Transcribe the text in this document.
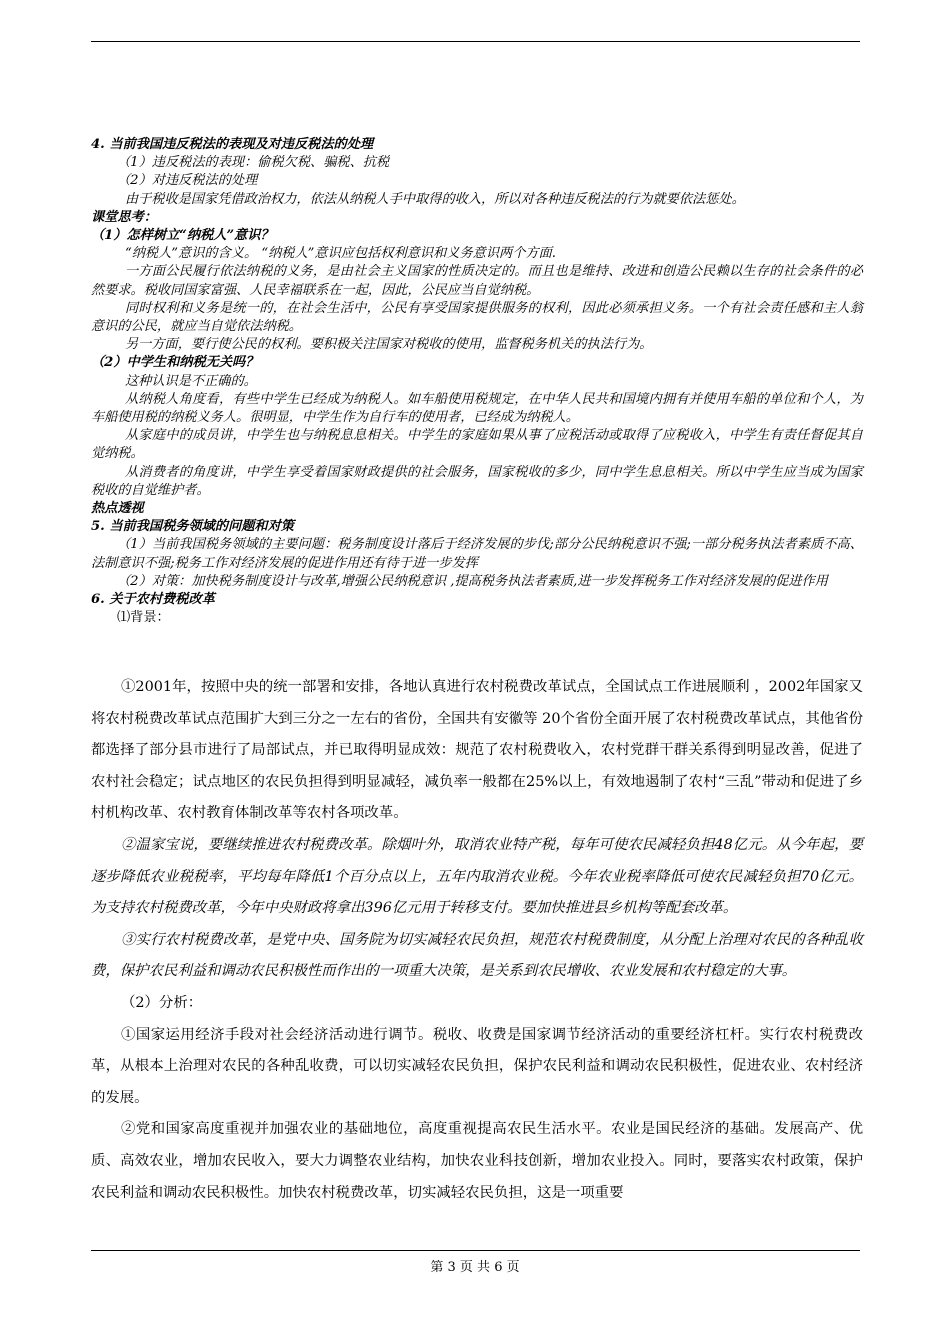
4. 当前我国违反税法的表现及对违反税法的处理

（1）违反税法的表现：偷税欠税、骗税、抗税

（2）对违反税法的处理

由于税收是国家凭借政治权力，依法从纳税人手中取得的收入，所以对各种违反税法的行为就要依法惩处。

课堂思考：

（1）怎样树立“纳税人”意识？

“纳税人”意识的含义。 “纳税人”意识应包括权利意识和义务意识两个方面.

一方面公民履行依法纳税的义务，是由社会主义国家的性质决定的。而且也是维持、改进和创造公民赖以生存的社会条件的必然要求。税收同国家富强、人民幸福联系在一起，因此，公民应当自觉纳税。

同时权利和义务是统一的，在社会生活中，公民有享受国家提供服务的权利，因此必须承担义务。一个有社会责任感和主人翁意识的公民，就应当自觉依法纳税。

另一方面，要行使公民的权利。要积极关注国家对税收的使用，监督税务机关的执法行为。

（2）中学生和纳税无关吗？

这种认识是不正确的。

从纳税人角度看，有些中学生已经成为纳税人。如车船使用税规定，在中华人民共和国境内拥有并使用车船的单位和个人，为车船使用税的纳税义务人。很明显，中学生作为自行车的使用者，已经成为纳税人。

从家庭中的成员讲，中学生也与纳税息息相关。中学生的家庭如果从事了应税活动或取得了应税收入，中学生有责任督促其自觉纳税。

从消费者的角度讲，中学生享受着国家财政提供的社会服务，国家税收的多少，同中学生息息相关。所以中学生应当成为国家税收的自觉维护者。

热点透视

5. 当前我国税务领域的问题和对策

（1）当前我国税务领域的主要问题：税务制度设计落后于经济发展的步伐;部分公民纳税意识不强;一部分税务执法者素质不高、法制意识不强;税务工作对经济发展的促进作用还有待于进一步发挥

（2）对策：加快税务制度设计与改革,增强公民纳税意识 ,提高税务执法者素质,进一步发挥税务工作对经济发展的促进作用

6. 关于农村费税改革

⑴背景：

①2001年，按照中央的统一部署和安排，各地认真进行农村税费改革试点，全国试点工作进展顺利 ，2002年国家又将农村税费改革试点范围扩大到三分之一左右的省份，全国共有安徽等 20个省份全面开展了农村税费改革试点，其他省份都选择了部分县市进行了局部试点，并已取得明显成效：规范了农村税费收入，农村党群干群关系得到明显改善，促进了农村社会稳定；试点地区的农民负担得到明显减轻，减负率一般都在25%以上，有效地遏制了农村“三乱”带动和促进了乡村机构改革、农村教育体制改革等农村各项改革。

②温家宝说，要继续推进农村税费改革。除烟叶外，取消农业特产税，每年可使农民减轻负担48亿元。从今年起，要逐步降低农业税税率，平均每年降低1个百分点以上，五年内取消农业税。今年农业税率降低可使农民减轻负担70亿元。为支持农村税费改革，今年中央财政将拿出396亿元用于转移支付。要加快推进县乡机构等配套改革。

③实行农村税费改革，是党中央、国务院为切实减轻农民负担，规范农村税费制度，从分配上治理对农民的各种乱收费，保护农民利益和调动农民积极性而作出的一项重大决策，是关系到农民增收、农业发展和农村稳定的大事。

（2）分析：

①国家运用经济手段对社会经济活动进行调节。税收、收费是国家调节经济活动的重要经济杠杆。实行农村税费改革，从根本上治理对农民的各种乱收费，可以切实减轻农民负担，保护农民利益和调动农民积极性，促进农业、农村经济的发展。

②党和国家高度重视并加强农业的基础地位，高度重视提高农民生活水平。农业是国民经济的基础。发展高产、优质、高效农业，增加农民收入，要大力调整农业结构，加快农业科技创新，增加农业投入。同时，要落实农村政策，保护农民利益和调动农民积极性。加快农村税费改革，切实减轻农民负担，这是一项重要

第 3 页 共 6 页
